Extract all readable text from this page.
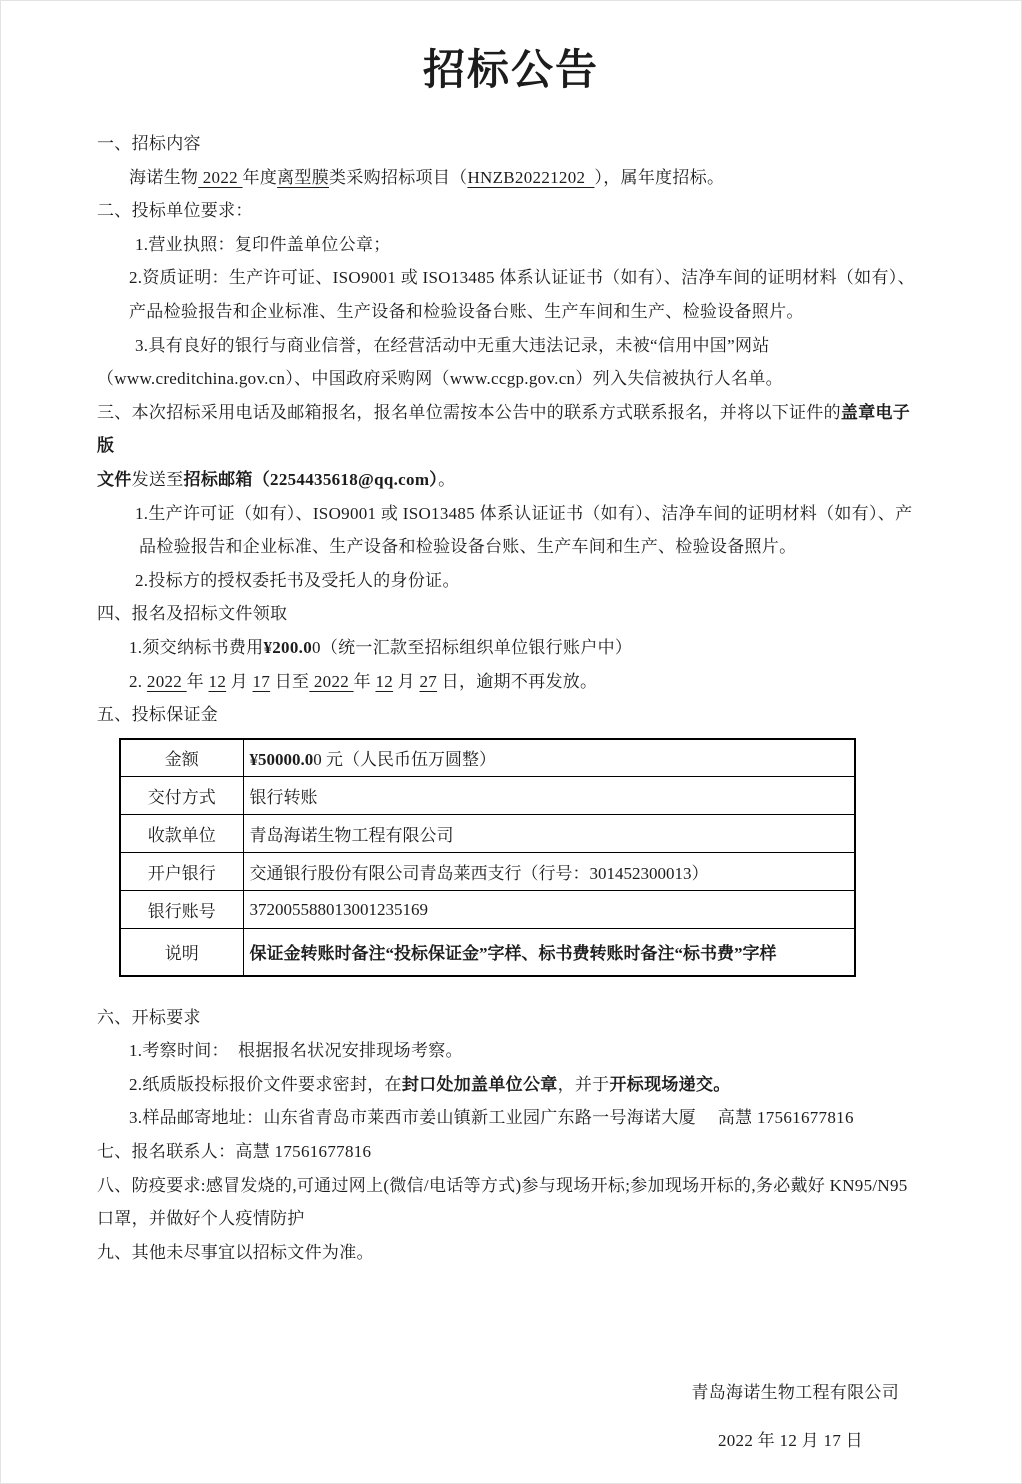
招标公告

一、招标内容

海诺生物 2022 年度离型膜类采购招标项目（HNZB20221202  ），属年度招标。

二、投标单位要求：

1.营业执照：复印件盖单位公章；

2.资质证明：生产许可证、ISO9001 或 ISO13485 体系认证证书（如有）、洁净车间的证明材料（如有）、

产品检验报告和企业标准、生产设备和检验设备台账、生产车间和生产、检验设备照片。

3.具有良好的银行与商业信誉，在经营活动中无重大违法记录，未被“信用中国”网站

（www.creditchina.gov.cn）、中国政府采购网（www.ccgp.gov.cn）列入失信被执行人名单。

三、本次招标采用电话及邮箱报名，报名单位需按本公告中的联系方式联系报名，并将以下证件的盖章电子版

文件发送至招标邮箱（2254435618@qq.com）。

1.生产许可证（如有）、ISO9001 或 ISO13485 体系认证证书（如有）、洁净车间的证明材料（如有）、产

品检验报告和企业标准、生产设备和检验设备台账、生产车间和生产、检验设备照片。

2.投标方的授权委托书及受托人的身份证。

四、报名及招标文件领取

1.须交纳标书费用¥200.00（统一汇款至招标组织单位银行账户中）

2. 2022 年 12 月 17 日至 2022 年 12 月 27 日，逾期不再发放。

五、投标保证金

金额	¥50000.00 元（人民币伍万圆整）
交付方式	银行转账
收款单位	青岛海诺生物工程有限公司
开户银行	交通银行股份有限公司青岛莱西支行（行号：301452300013）
银行账号	372005588013001235169
说明	保证金转账时备注“投标保证金”字样、标书费转账时备注“标书费”字样

六、开标要求

1.考察时间：  根据报名状况安排现场考察。

2.纸质版投标报价文件要求密封，在封口处加盖单位公章，并于开标现场递交。

3.样品邮寄地址：山东省青岛市莱西市姜山镇新工业园广东路一号海诺大厦　 高慧 17561677816

七、报名联系人：高慧 17561677816

八、防疫要求:感冒发烧的,可通过网上(微信/电话等方式)参与现场开标;参加现场开标的,务必戴好 KN95/N95

口罩，并做好个人疫情防护

九、其他未尽事宜以招标文件为准。

青岛海诺生物工程有限公司

2022 年 12 月 17 日
